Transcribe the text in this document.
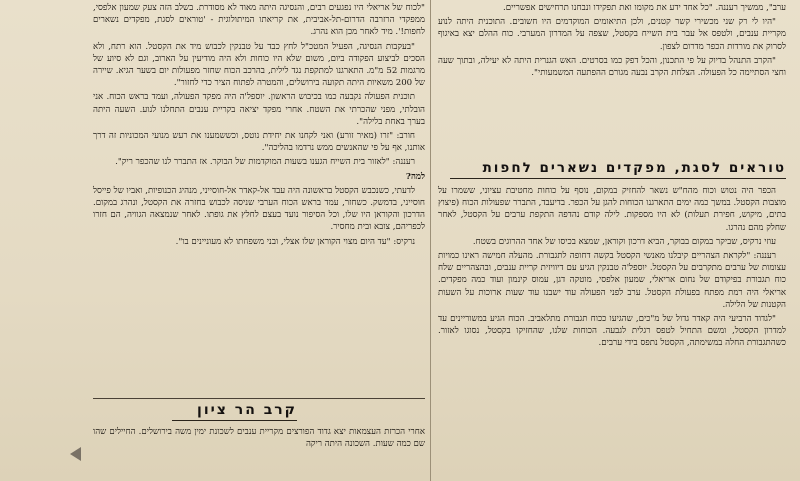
ערב", ממשיך רעננה. "כל אחד ידע את מקומו ואת תפקידו ונבחנו תרחישים אפשריים.

"היו לי רק שני מכשירי קשר קטנים, ולכן התיאומים המוקדמים היו חשובים. התוכנית היתה לנוע מקריית ענבים, ולטפס אל עבר בית השייח בקסטל, שצפה על המדרון המערבי. כוח ההלם יצא באיגוף לסרוק את מורדות הכפר מדרום לצפון.

"הקרב התנהל בדיוק על פי התכנון, והכל דפק כמו בסרטים. האש הגנרית היתה לא יעילה, ובתוך שעה וחצי הסתיימה כל הפעולה. הצלחת הקרב נבעה מגורם ההפתעה המשמעותי".

טוראים לסגת, מפקדים נשארים לחפות

הכפר היה נטוש וכוח מהח"ש נשאר להחזיק במקום, נוסף על כוחות מחטיבת עציוני, ששמרו על מוצבות הקסטל. במשך כמה ימים התארגנו הכוחות להגן על הכפר. בדיעבד, התברר שפעולות הכוח (פיצוץ בתים, מיקוש, חפירת תעלות) לא היו מספקות. לילה קודם נהדפה התקפת ערבים על הקסטל, לאחר שחלק מהם נהרגו.

עוזי נרקיס, שביקר במקום בבוקר, הביא דרכון וקוראן, שמצא בכיסו של אחד ההרוגים בשטח.

רעננה: "לקראת הצהריים קיבלנו מאנשי הקסטל בקשה דחופה לתגבורת. מהעלה חמישה ראינו כמויות עצומות של ערבים מתקרבים על הקסטל. יוספל'ה טבנקין הגיע עם דיוויזית קריית ענבים, ובהצהריים שלח כוח תגבורת בפיקודם של נחום אריאלי, שמעון אלפסי, מוטקה דגן, עמוס קינמון ועוד כמה מפקדים. אריאלי היה רמת מפתח בפעולת הקסטל. ערב לפני הפעולה עוד ישבנו עוד שעות ארוכות על השעות הקטנות של הלילה.

"לגדוד הרביעי היה קאדר גדול של מ"כים, שהגיעו ככוח תגבורת מתלאביב. הכוח הגיע במשוריינים עד למדרון הקסטל, ומשם התחיל לטפס רגלית לגבעה. הכוחות שלנו, שהחזיקו בקסטל, נסוגו לאזור. כשהתגבורת החלה במשימתה, הקסטל נתפס בידי ערבים.

"לכוח של אריאלי היו נפגעים רבים, והנסיגה היתה מאוד לא מסודרת. בשלב הזה צעק שמעון אלפסי, ממפקדי הרזרבה הדרום-תל-אביבית, את קריאתו המיתולוגית - 'טוראים לסגת, מפקדים נשארים לחפות!'. מיד לאחר מכן הוא נהרג.

"בעקבות הנסיגה, הפעיל המטכ"ל לחץ כבד על טבנקין לכבוש מיד את הקסטל. הוא רתח, ולא הסכים לביצוע הפקודה ביום, משום שלא היו כוחות ולא היה מודיעין על הארוב, וגם לא סיוע של מרגמות 52 מ"מ. התארגנו למתקפת נגד לילית, בהרכב הכוח שחזר מפעולות יום בשער הגיא. שיירה של 200 משאיות היתה תקועה בירושלים, והמטרה לפתוח הציר כדי לחזור".

תוכנית הפעולה נקבעה כמו בכיבוש הראשון. יוספל'ה היה מפקד הפעולה, ועמד בראש הכוח. אני הובלתי, מפני שהכרתי את השטח. אחרי מפקד יציאה בקריית ענבים התחלנו לנוע. השעה היתה בערך באחת בלילה".

חורב: "זרו (מאיר זורע) ואני לקחנו את יחידת נוטס, וכששמענו את רעש מנועי המכוניות זה דרך אותנו, אף על פי שהאנשים ממש נרדמו בהליכה".

רעננה: "לאזור בית השייח הגענו בשעות המוקדמות של הבוקר. אז התברר לנו שהכפר ריק".

למה?

לדעתי, כשנכבש הקסטל בראשונה היה עבד אל-קאדר אל-חוסייני, מנהיג הכנופיות, ואביו של פייסל חוסייני, בדמשק. כשחזר, עמד בראש הכוח הערבי שניסה לכבוש בחזרה את הקסטל, ונהרג במקום. הדרכון והקוראן היו שלו, וכל הסיפור נועד בעצם לחלץ את גופתו. לאחר שנמצאה הגוויה, הם חזרו לכפריהם, צובא ובית מחסיר.

נרקיס: "עד היום מצוי הקוראן שלו אצלי, ובני משפחתו לא מעוניינים בו".

קרב הר ציון

אחרי הכרזת העצמאות יצא גדוד הפורצים מקריית ענבים לשכונת ימין משה בירושלים. החיילים שהו שם כמה שעות. השכונה היתה ריקה
